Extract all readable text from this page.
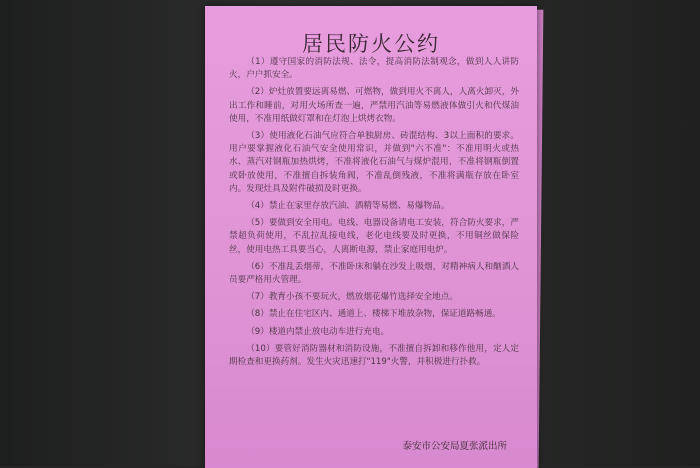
居民防火公约

（1）遵守国家的消防法规、法令，提高消防法制观念，做到人人讲防火，户户抓安全。

（2）炉灶放置要远离易燃、可燃物，做到用火不离人，人离火卸灭，外出工作和睡前，对用火场所查一遍，严禁用汽油等易燃液体做引火和代煤油使用，不准用纸做灯罩和在灯泡上烘烤衣物。

（3）使用液化石油气应符合单独厨房、砖混结构、3以上面积的要求。用户要掌握液化石油气安全使用常识，并做到"六不准"：不准用明火或热水、蒸汽对钢瓶加热烘烤，不准将液化石油气与煤炉混用，不准将钢瓶倒置或卧放使用，不准擅自拆装角阀，不准乱倒残液，不准将满瓶存放在卧室内。发现灶具及附件破损及时更换。

（4）禁止在家里存放汽油、酒精等易燃、易爆物品。

（5）要做到安全用电。电线、电器设备请电工安装，符合防火要求，严禁超负荷使用，不乱拉乱接电线，老化电线要及时更换，不用铜丝做保险丝，使用电热工具要当心，人离断电源，禁止家庭用电炉。

（6）不准乱丢烟蒂，不准卧床和躺在沙发上吸烟，对精神病人和酗酒人员要严格用火管理。

（7）教育小孩不要玩火，燃放烟花爆竹选择安全地点。

（8）禁止在住宅区内、通道上、楼梯下堆放杂物，保证道路畅通。

（9）楼道内禁止放电动车进行充电。

（10）要管好消防器材和消防设施，不准擅自拆卸和移作他用，定人定期检查和更换药剂。发生火灾迅速打"119"火警，并积极进行扑救。

泰安市公安局夏张派出所
